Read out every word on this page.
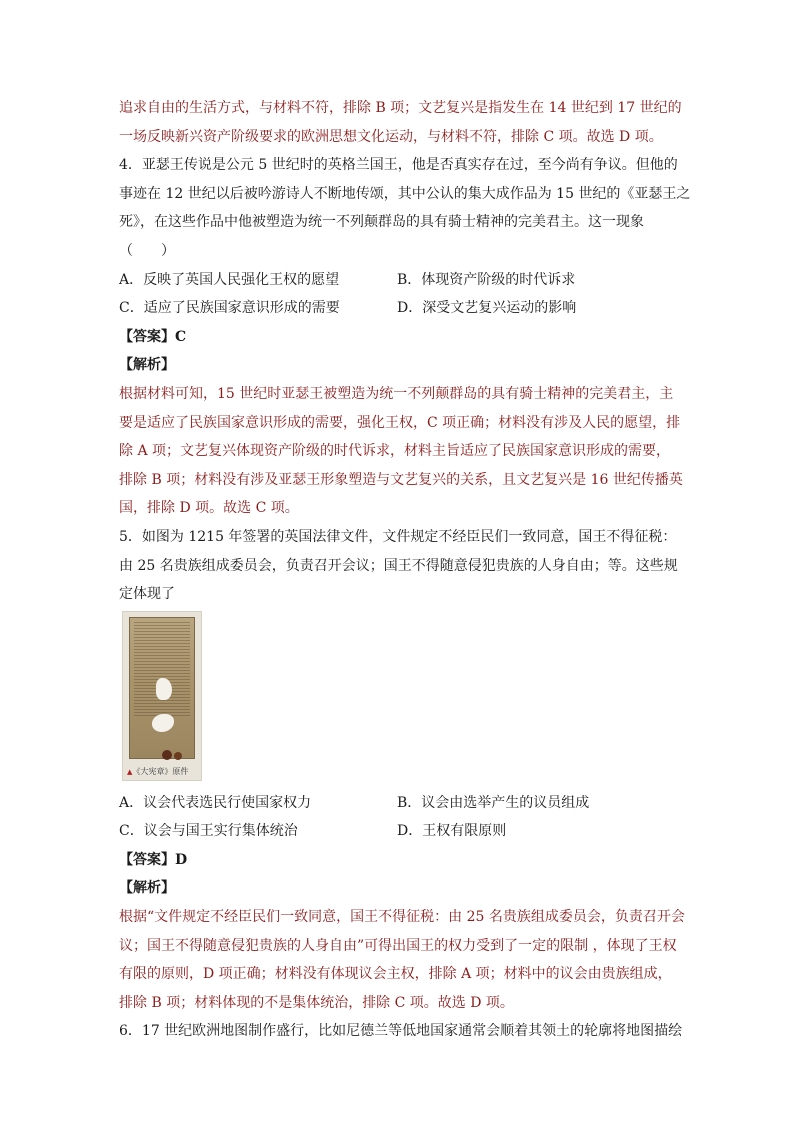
追求自由的生活方式，与材料不符，排除 B 项；文艺复兴是指发生在 14 世纪到 17 世纪的
一场反映新兴资产阶级要求的欧洲思想文化运动，与材料不符，排除 C 项。故选 D 项。
4．亚瑟王传说是公元 5 世纪时的英格兰国王，他是否真实存在过，至今尚有争议。但他的
事迹在 12 世纪以后被吟游诗人不断地传颂，其中公认的集大成作品为 15 世纪的《亚瑟王之
死》，在这些作品中他被塑造为统一不列颠群岛的具有骑士精神的完美君主。这一现象
（　　）
A．反映了英国人民强化王权的愿望	B．体现资产阶级的时代诉求
C．适应了民族国家意识形成的需要	D．深受文艺复兴运动的影响
【答案】C
【解析】
根据材料可知，15 世纪时亚瑟王被塑造为统一不列颠群岛的具有骑士精神的完美君主，主
要是适应了民族国家意识形成的需要，强化王权，C 项正确；材料没有涉及人民的愿望，排
除 A 项；文艺复兴体现资产阶级的时代诉求，材料主旨适应了民族国家意识形成的需要，
排除 B 项；材料没有涉及亚瑟王形象塑造与文艺复兴的关系，且文艺复兴是 16 世纪传播英
国，排除 D 项。故选 C 项。
5．如图为 1215 年签署的英国法律文件，文件规定不经臣民们一致同意，国王不得征税：
由 25 名贵族组成委员会，负责召开会议；国王不得随意侵犯贵族的人身自由；等。这些规
定体现了
▲《大宪章》原件
A．议会代表选民行使国家权力	B．议会由选举产生的议员组成
C．议会与国王实行集体统治	D．王权有限原则
【答案】D
【解析】
根据“文件规定不经臣民们一致同意，国王不得征税：由 25 名贵族组成委员会，负责召开会
议；国王不得随意侵犯贵族的人身自由”可得出国王的权力受到了一定的限制 ，体现了王权
有限的原则，D 项正确；材料没有体现议会主权，排除 A 项；材料中的议会由贵族组成，
排除 B 项；材料体现的不是集体统治，排除 C 项。故选 D 项。
6．17 世纪欧洲地图制作盛行，比如尼德兰等低地国家通常会顺着其领土的轮廓将地图描绘
